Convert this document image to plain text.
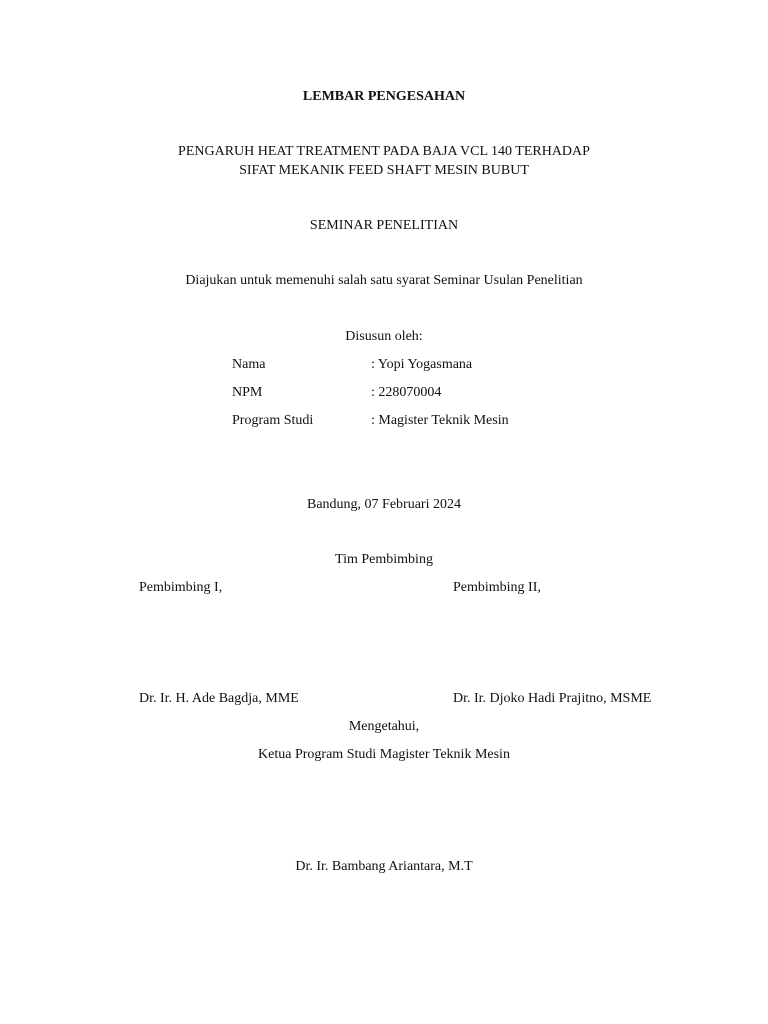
LEMBAR PENGESAHAN
PENGARUH HEAT TREATMENT PADA BAJA VCL 140 TERHADAP
SIFAT MEKANIK FEED SHAFT MESIN BUBUT
SEMINAR PENELITIAN
Diajukan untuk memenuhi salah satu syarat Seminar Usulan Penelitian
Disusun oleh:
Nama	: Yopi Yogasmana
NPM	: 228070004
Program Studi	: Magister Teknik Mesin
Bandung, 07 Februari 2024
Tim Pembimbing
Pembimbing I,	Pembimbing II,
Dr. Ir. H. Ade Bagdja, MME	Dr. Ir. Djoko Hadi Prajitno, MSME
Mengetahui,
Ketua Program Studi Magister Teknik Mesin
Dr. Ir. Bambang Ariantara, M.T
